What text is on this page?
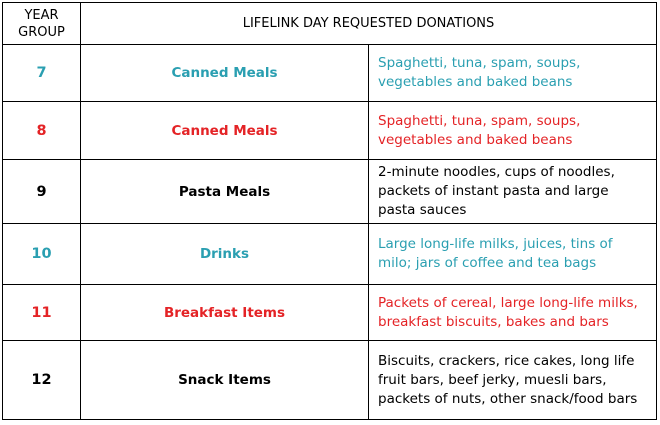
YEAR
GROUP	LIFELINK DAY REQUESTED DONATIONS	
7	Canned Meals	Spaghetti, tuna, spam, soups, vegetables and baked beans
8	Canned Meals	Spaghetti, tuna, spam, soups, vegetables and baked beans
9	Pasta Meals	2-minute noodles, cups of noodles, packets of instant pasta and large pasta sauces
10	Drinks	Large long-life milks, juices, tins of milo; jars of coffee and tea bags
11	Breakfast Items	Packets of cereal, large long-life milks, breakfast biscuits, bakes and bars
12	Snack Items	Biscuits, crackers, rice cakes, long life fruit bars, beef jerky, muesli bars, packets of nuts, other snack/food bars
